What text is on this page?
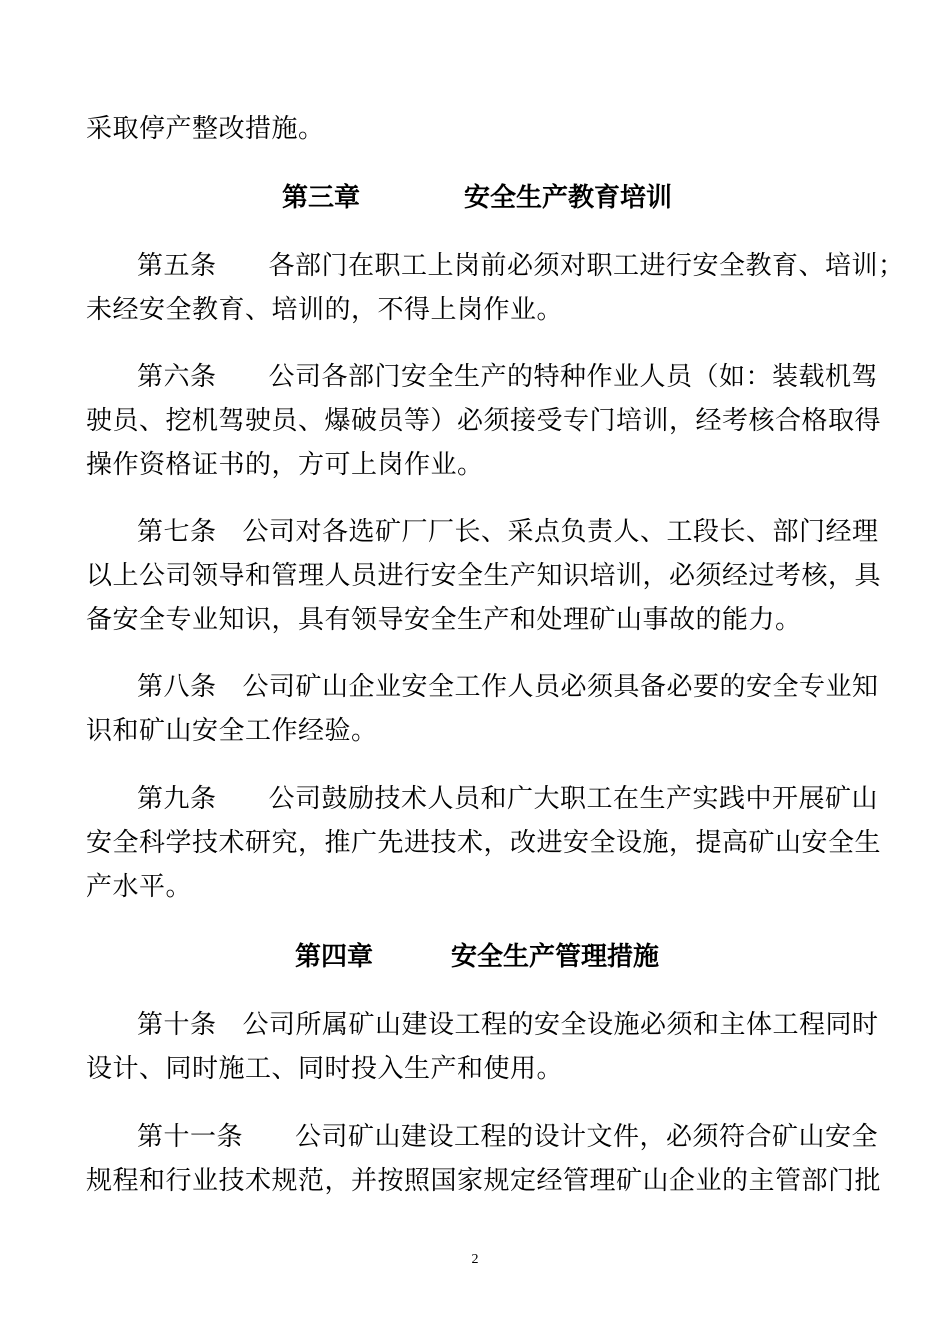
采取停产整改措施。
第三章	安全生产教育培训
第五条 各部门在职工上岗前必须对职工进行安全教育、培训；
未经安全教育、培训的，不得上岗作业。
第六条 公司各部门安全生产的特种作业人员（如：装载机驾
驶员、挖机驾驶员、爆破员等）必须接受专门培训，经考核合格取得
操作资格证书的，方可上岗作业。
第七条 公司对各选矿厂厂长、采点负责人、工段长、部门经理
以上公司领导和管理人员进行安全生产知识培训，必须经过考核，具
备安全专业知识，具有领导安全生产和处理矿山事故的能力。
第八条 公司矿山企业安全工作人员必须具备必要的安全专业知
识和矿山安全工作经验。
第九条 公司鼓励技术人员和广大职工在生产实践中开展矿山
安全科学技术研究，推广先进技术，改进安全设施，提高矿山安全生
产水平。
第四章	安全生产管理措施
第十条 公司所属矿山建设工程的安全设施必须和主体工程同时
设计、同时施工、同时投入生产和使用。
第十一条 公司矿山建设工程的设计文件，必须符合矿山安全
规程和行业技术规范，并按照国家规定经管理矿山企业的主管部门批
2
